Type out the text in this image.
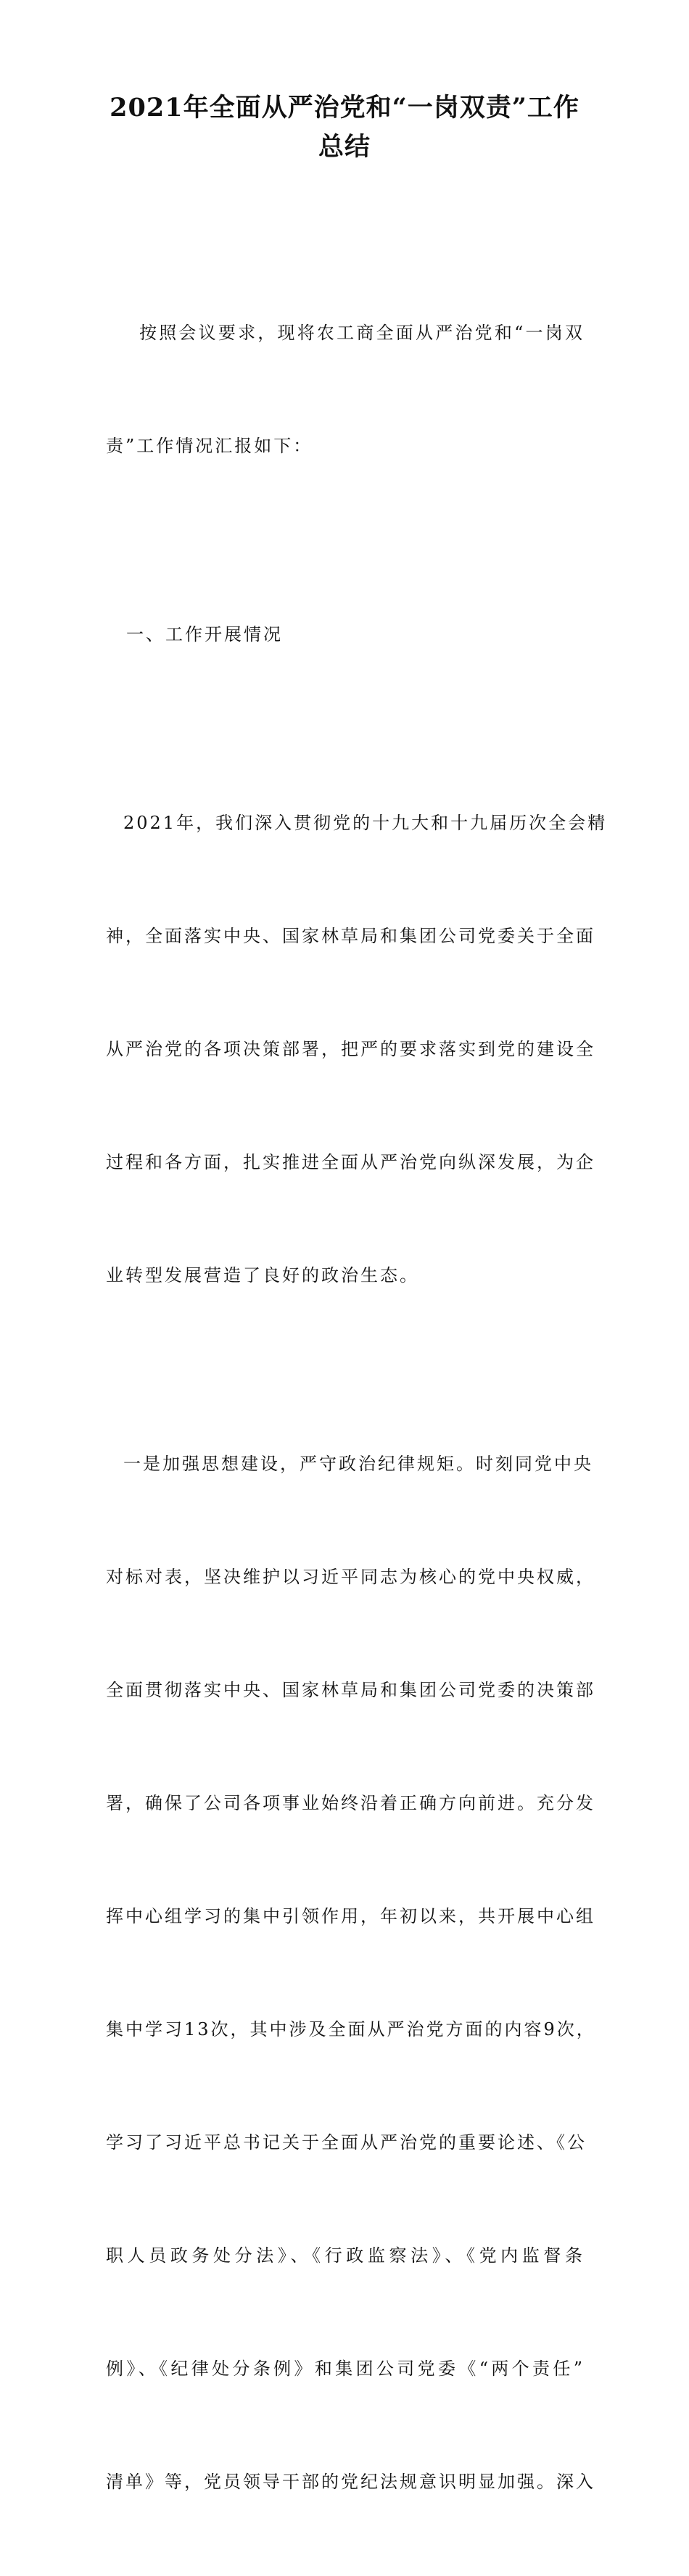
2021年全面从严治党和“一岗双责”工作
总结

按照会议要求，现将农工商全面从严治党和“一岗双

责”工作情况汇报如下：

一、工作开展情况

2021年，我们深入贯彻党的十九大和十九届历次全会精

神，全面落实中央、国家林草局和集团公司党委关于全面

从严治党的各项决策部署，把严的要求落实到党的建设全

过程和各方面，扎实推进全面从严治党向纵深发展，为企

业转型发展营造了良好的政治生态。

一是加强思想建设，严守政治纪律规矩。时刻同党中央

对标对表，坚决维护以习近平同志为核心的党中央权威，

全面贯彻落实中央、国家林草局和集团公司党委的决策部

署，确保了公司各项事业始终沿着正确方向前进。充分发

挥中心组学习的集中引领作用，年初以来，共开展中心组

集中学习13次，其中涉及全面从严治党方面的内容9次，

学习了习近平总书记关于全面从严治党的重要论述、《公

职人员政务处分法》、《行政监察法》、《党内监督条

例》、《纪律处分条例》和集团公司党委《“两个责任”

清单》等，党员领导干部的党纪法规意识明显加强。深入
